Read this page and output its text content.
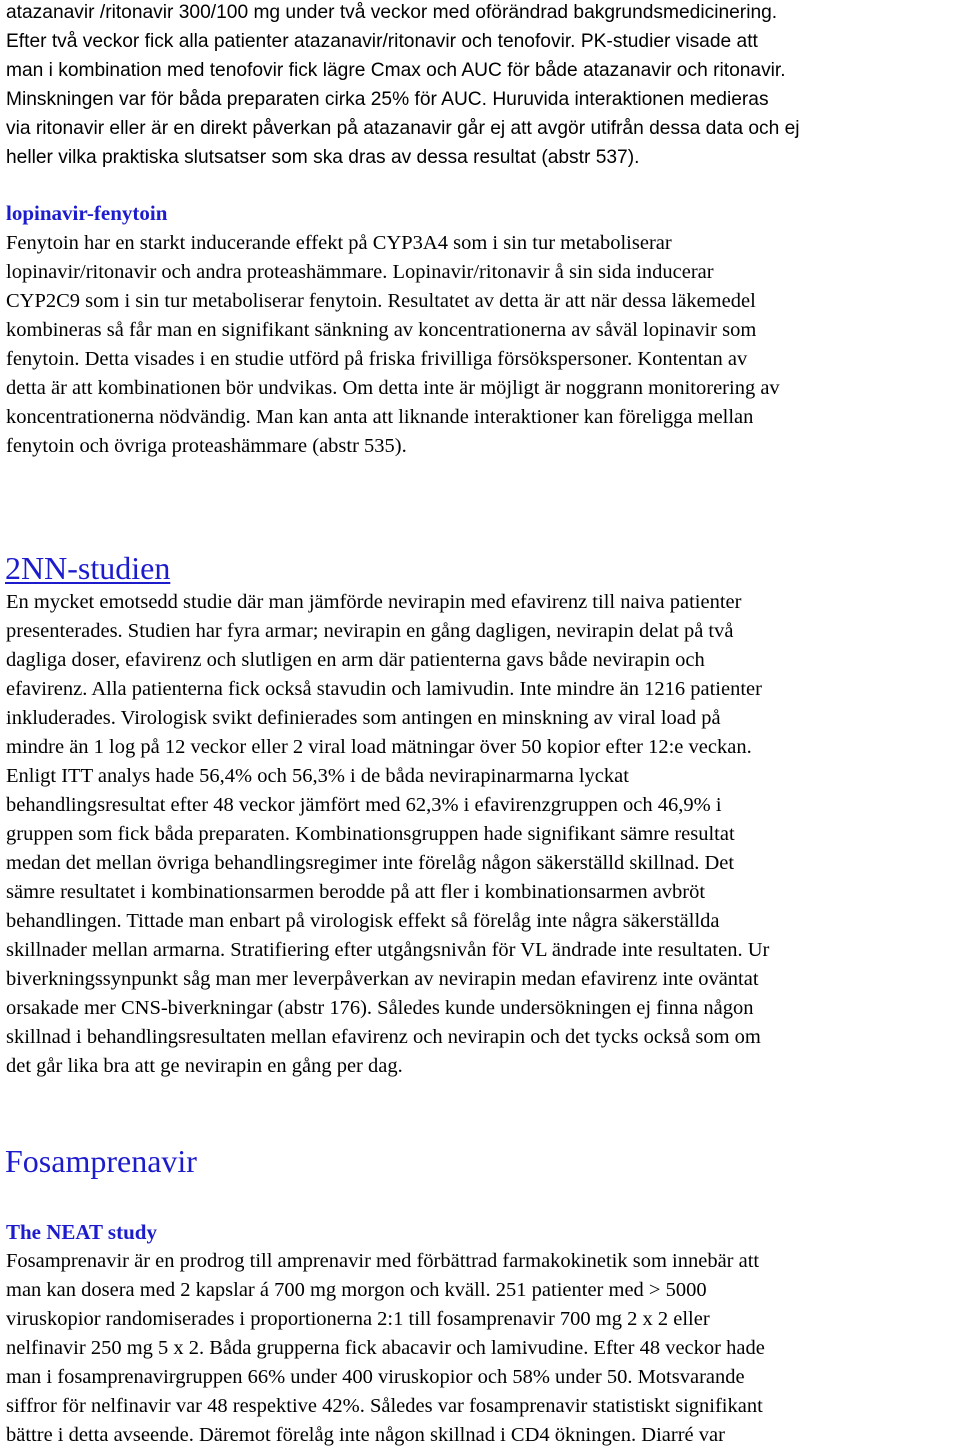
atazanavir /ritonavir 300/100 mg under två veckor med oförändrad bakgrundsmedicinering.
Efter två veckor fick alla patienter atazanavir/ritonavir och tenofovir. PK-studier visade att
man i kombination med tenofovir fick lägre Cmax och AUC för både atazanavir och ritonavir.
Minskningen var för båda preparaten cirka 25% för AUC. Huruvida interaktionen medieras
via ritonavir eller är en direkt påverkan på atazanavir går ej att avgör utifrån dessa data och ej
heller vilka praktiska slutsatser som ska dras av dessa resultat (abstr 537).
lopinavir-fenytoin
Fenytoin har en starkt inducerande effekt på CYP3A4 som i sin tur metaboliserar
lopinavir/ritonavir och andra proteashämmare. Lopinavir/ritonavir å sin sida inducerar
CYP2C9 som i sin tur metaboliserar fenytoin. Resultatet av detta är att när dessa läkemedel
kombineras så får man en signifikant sänkning av koncentrationerna av såväl lopinavir som
fenytoin. Detta visades i en studie utförd på friska frivilliga försökspersoner. Kontentan av
detta är att kombinationen bör undvikas. Om detta inte är möjligt är noggrann monitorering av
koncentrationerna nödvändig. Man kan anta att liknande interaktioner kan föreligga mellan
fenytoin och övriga proteashämmare (abstr 535).
2NN-studien
En mycket emotsedd studie där man jämförde nevirapin med efavirenz till naiva patienter
presenterades. Studien har fyra armar; nevirapin en gång dagligen, nevirapin delat på två
dagliga doser, efavirenz och slutligen en arm där patienterna gavs både nevirapin och
efavirenz. Alla patienterna fick också stavudin och lamivudin. Inte mindre än 1216 patienter
inkluderades. Virologisk svikt definierades som antingen en minskning av viral load på
mindre än 1 log på 12 veckor eller 2 viral load mätningar över 50 kopior efter 12:e veckan.
Enligt ITT analys hade 56,4% och 56,3% i de båda nevirapinarmarna lyckat
behandlingsresultat efter 48 veckor jämfört med 62,3% i efavirenzgruppen och 46,9% i
gruppen som fick båda preparaten. Kombinationsgruppen hade signifikant sämre resultat
medan det mellan övriga behandlingsregimer inte förelåg någon säkerställd skillnad. Det
sämre resultatet i kombinationsarmen berodde på att fler i kombinationsarmen avbröt
behandlingen. Tittade man enbart på virologisk effekt så förelåg inte några säkerställda
skillnader mellan armarna. Stratifiering efter utgångsnivån för VL ändrade inte resultaten. Ur
biverkningssynpunkt såg man mer leverpåverkan av nevirapin medan efavirenz inte oväntat
orsakade mer CNS-biverkningar (abstr 176). Således kunde undersökningen ej finna någon
skillnad i behandlingsresultaten mellan efavirenz och nevirapin och det tycks också som om
det går lika bra att ge nevirapin en gång per dag.
Fosamprenavir
The NEAT study
Fosamprenavir är en prodrog till amprenavir med förbättrad farmakokinetik som innebär att
man kan dosera med 2 kapslar á 700 mg morgon och kväll. 251 patienter med > 5000
viruskopior randomiserades i proportionerna 2:1 till fosamprenavir 700 mg 2 x 2 eller
nelfinavir 250 mg 5 x 2. Båda grupperna fick abacavir och lamivudine. Efter 48 veckor hade
man i fosamprenavirgruppen 66% under 400 viruskopior och 58% under 50. Motsvarande
siffror för nelfinavir var 48 respektive 42%. Således var fosamprenavir statistiskt signifikant
bättre i detta avseende. Däremot förelåg inte någon skillnad i CD4 ökningen. Diarré var
